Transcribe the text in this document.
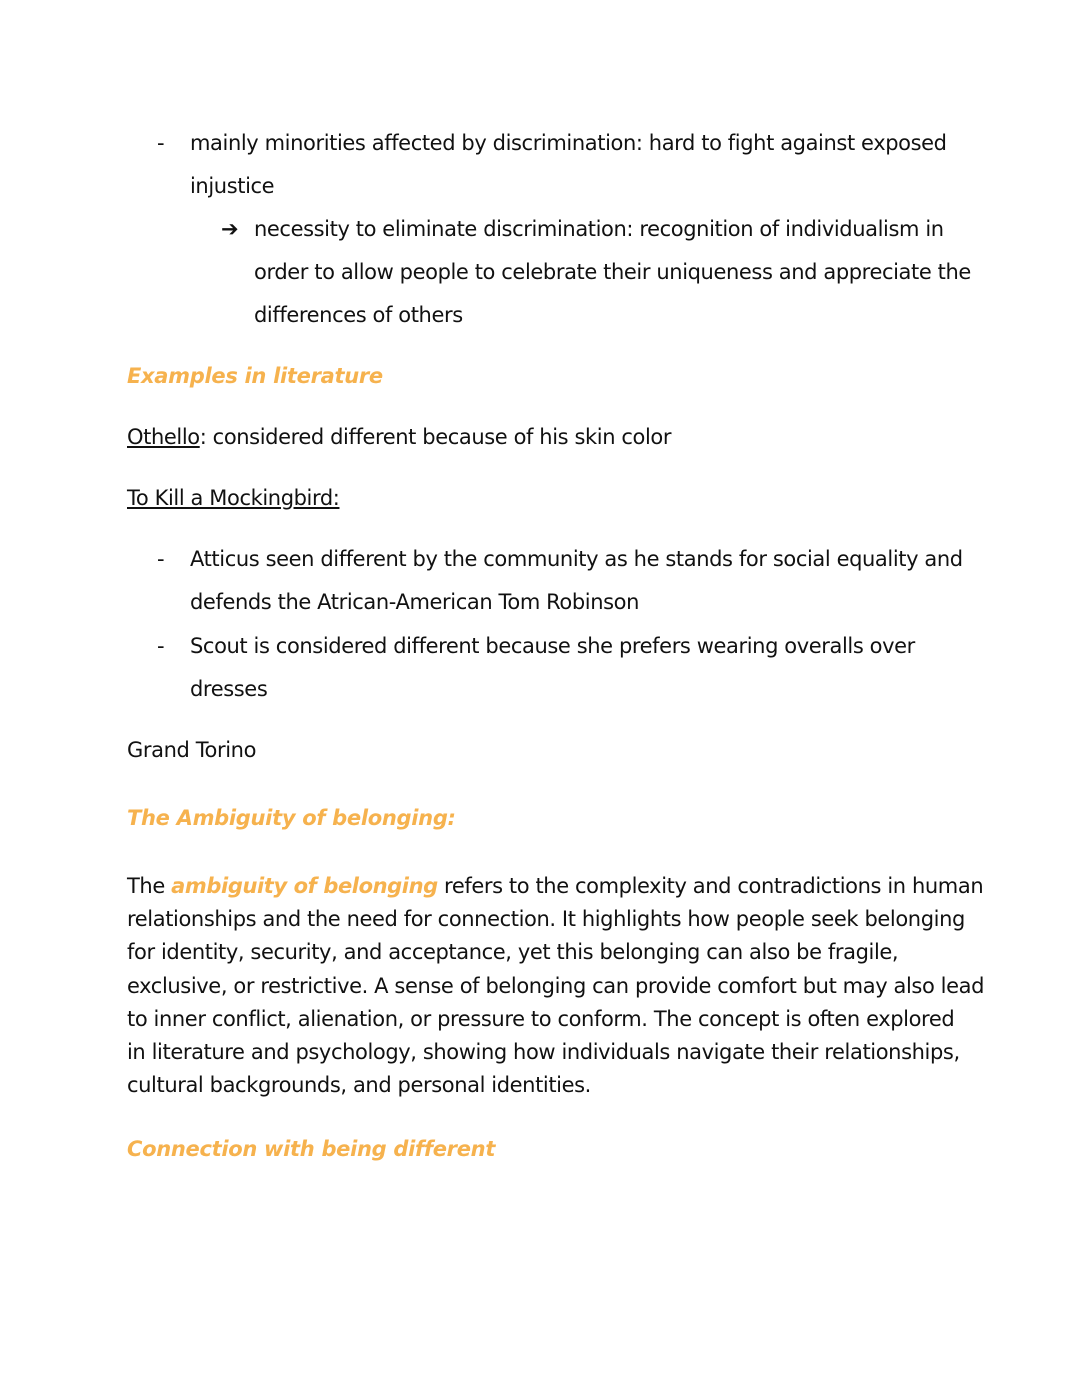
- mainly minorities affected by discrimination: hard to fight against exposed
injustice
➔ necessity to eliminate discrimination: recognition of individualism in
order to allow people to celebrate their uniqueness and appreciate the
differences of others
Examples in literature
Othello: considered different because of his skin color
To Kill a Mockingbird:
- Atticus seen different by the community as he stands for social equality and
defends the Atrican-American Tom Robinson
- Scout is considered different because she prefers wearing overalls over
dresses
Grand Torino
The Ambiguity of belonging:
The ambiguity of belonging refers to the complexity and contradictions in human
relationships and the need for connection. It highlights how people seek belonging
for identity, security, and acceptance, yet this belonging can also be fragile,
exclusive, or restrictive. A sense of belonging can provide comfort but may also lead
to inner conflict, alienation, or pressure to conform. The concept is often explored
in literature and psychology, showing how individuals navigate their relationships,
cultural backgrounds, and personal identities.
Connection with being different
